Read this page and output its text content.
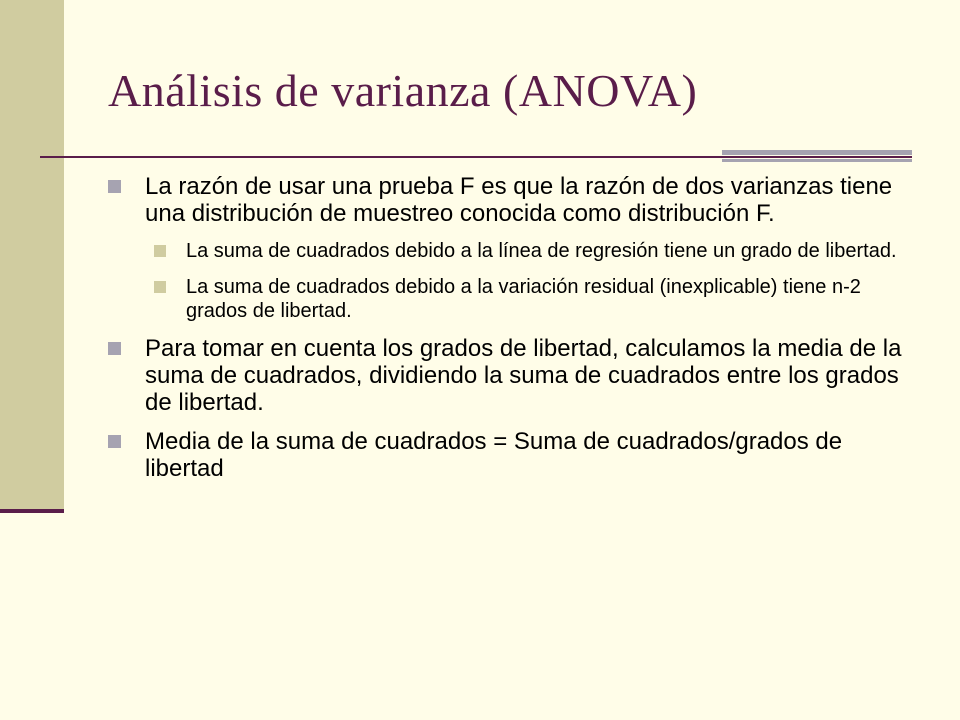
Análisis de varianza (ANOVA)
La razón de usar una prueba F es que la razón de dos varianzas tiene una distribución de muestreo conocida como distribución F.
La suma de cuadrados debido a la línea de regresión tiene un grado de libertad.
La suma de cuadrados debido a la variación residual (inexplicable) tiene n-2 grados de libertad.
Para tomar en cuenta los grados de libertad, calculamos la media de la suma de cuadrados, dividiendo la suma de cuadrados entre los grados de libertad.
Media de la suma de cuadrados = Suma de cuadrados/grados de libertad
